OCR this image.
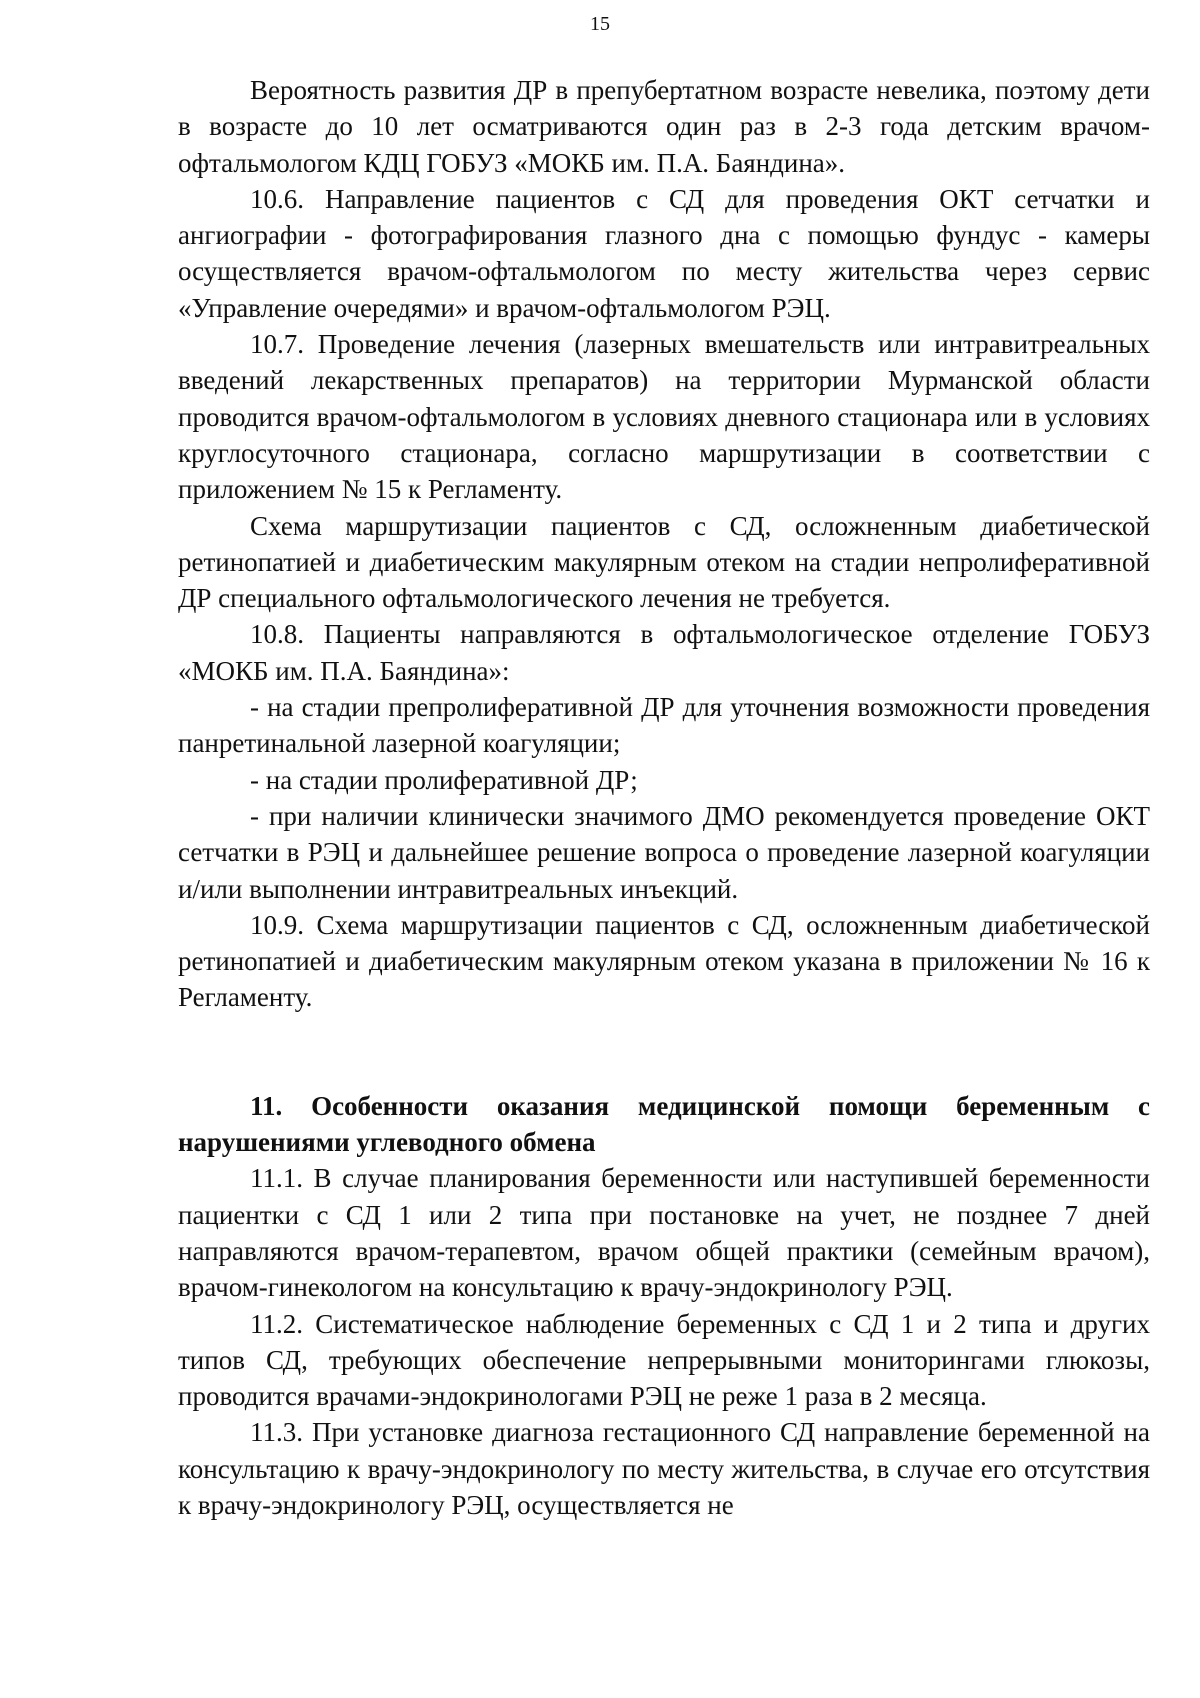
15

Вероятность развития ДР в препубертатном возрасте невелика, поэтому дети в возрасте до 10 лет осматриваются один раз в 2-3 года детским врачом-офтальмологом КДЦ ГОБУЗ «МОКБ им. П.А. Баяндина».

10.6. Направление пациентов с СД для проведения ОКТ сетчатки и ангиографии - фотографирования глазного дна с помощью фундус - камеры осуществляется врачом-офтальмологом по месту жительства через сервис «Управление очередями» и врачом-офтальмологом РЭЦ.

10.7. Проведение лечения (лазерных вмешательств или интравитреальных введений лекарственных препаратов) на территории Мурманской области проводится врачом-офтальмологом в условиях дневного стационара или в условиях круглосуточного стационара, согласно маршрутизации в соответствии с приложением № 15 к Регламенту.

Схема маршрутизации пациентов с СД, осложненным диабетической ретинопатией и диабетическим макулярным отеком на стадии непролиферативной ДР специального офтальмологического лечения не требуется.

10.8. Пациенты направляются в офтальмологическое отделение ГОБУЗ «МОКБ им. П.А. Баяндина»:

- на стадии препролиферативной ДР для уточнения возможности проведения панретинальной лазерной коагуляции;

- на стадии пролиферативной ДР;

- при наличии клинически значимого ДМО рекомендуется проведение ОКТ сетчатки в РЭЦ и дальнейшее решение вопроса о проведение лазерной коагуляции и/или выполнении интравитреальных инъекций.

10.9. Схема маршрутизации пациентов с СД, осложненным диабетической ретинопатией и диабетическим макулярным отеком указана в приложении № 16 к Регламенту.

11. Особенности оказания медицинской помощи беременным с нарушениями углеводного обмена

11.1. В случае планирования беременности или наступившей беременности пациентки с СД 1 или 2 типа при постановке на учет, не позднее 7 дней направляются врачом-терапевтом, врачом общей практики (семейным врачом), врачом-гинекологом на консультацию к врачу-эндокринологу РЭЦ.

11.2. Систематическое наблюдение беременных с СД 1 и 2 типа и других типов СД, требующих обеспечение непрерывными мониторингами глюкозы, проводится врачами-эндокринологами РЭЦ не реже 1 раза в 2 месяца.

11.3. При установке диагноза гестационного СД направление беременной на консультацию к врачу-эндокринологу по месту жительства, в случае его отсутствия к врачу-эндокринологу РЭЦ, осуществляется не
